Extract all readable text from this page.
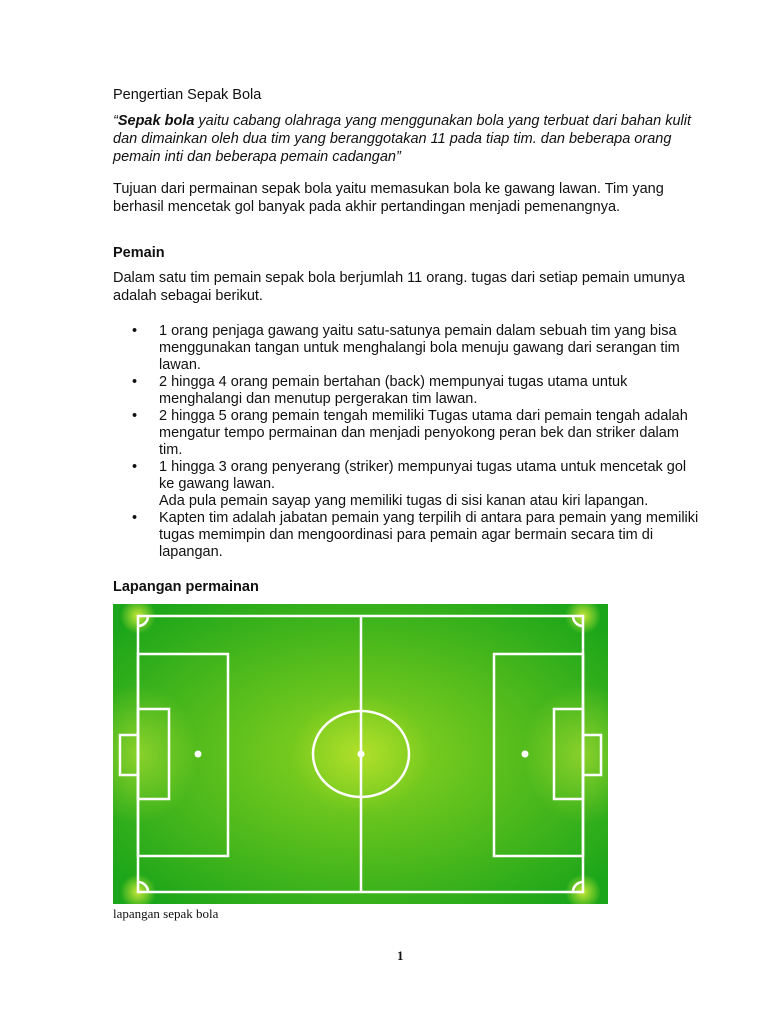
Pengertian Sepak Bola
“Sepak bola yaitu cabang olahraga yang menggunakan bola yang terbuat dari bahan kulit dan dimainkan oleh dua tim yang beranggotakan 11 pada tiap tim. dan beberapa orang pemain inti dan beberapa pemain cadangan”
Tujuan dari permainan sepak bola yaitu memasukan bola ke gawang lawan. Tim yang berhasil mencetak gol banyak pada akhir pertandingan menjadi pemenangnya.
Pemain
Dalam satu tim pemain sepak bola berjumlah 11 orang. tugas dari setiap pemain umunya adalah sebagai berikut.
• 1 orang penjaga gawang yaitu satu-satunya pemain dalam sebuah tim yang bisa menggunakan tangan untuk menghalangi bola menuju gawang dari serangan tim lawan.
• 2 hingga 4 orang pemain bertahan (back) mempunyai tugas utama untuk menghalangi dan menutup pergerakan tim lawan.
• 2 hingga 5 orang pemain tengah memiliki Tugas utama dari pemain tengah adalah mengatur tempo permainan dan menjadi penyokong peran bek dan striker dalam tim.
• 1 hingga 3 orang penyerang (striker) mempunyai tugas utama untuk mencetak gol ke gawang lawan.
Ada pula pemain sayap yang memiliki tugas di sisi kanan atau kiri lapangan.
• Kapten tim adalah jabatan pemain yang terpilih di antara para pemain yang memiliki tugas memimpin dan mengoordinasi para pemain agar bermain secara tim di lapangan.
Lapangan permainan
lapangan sepak bola
1
